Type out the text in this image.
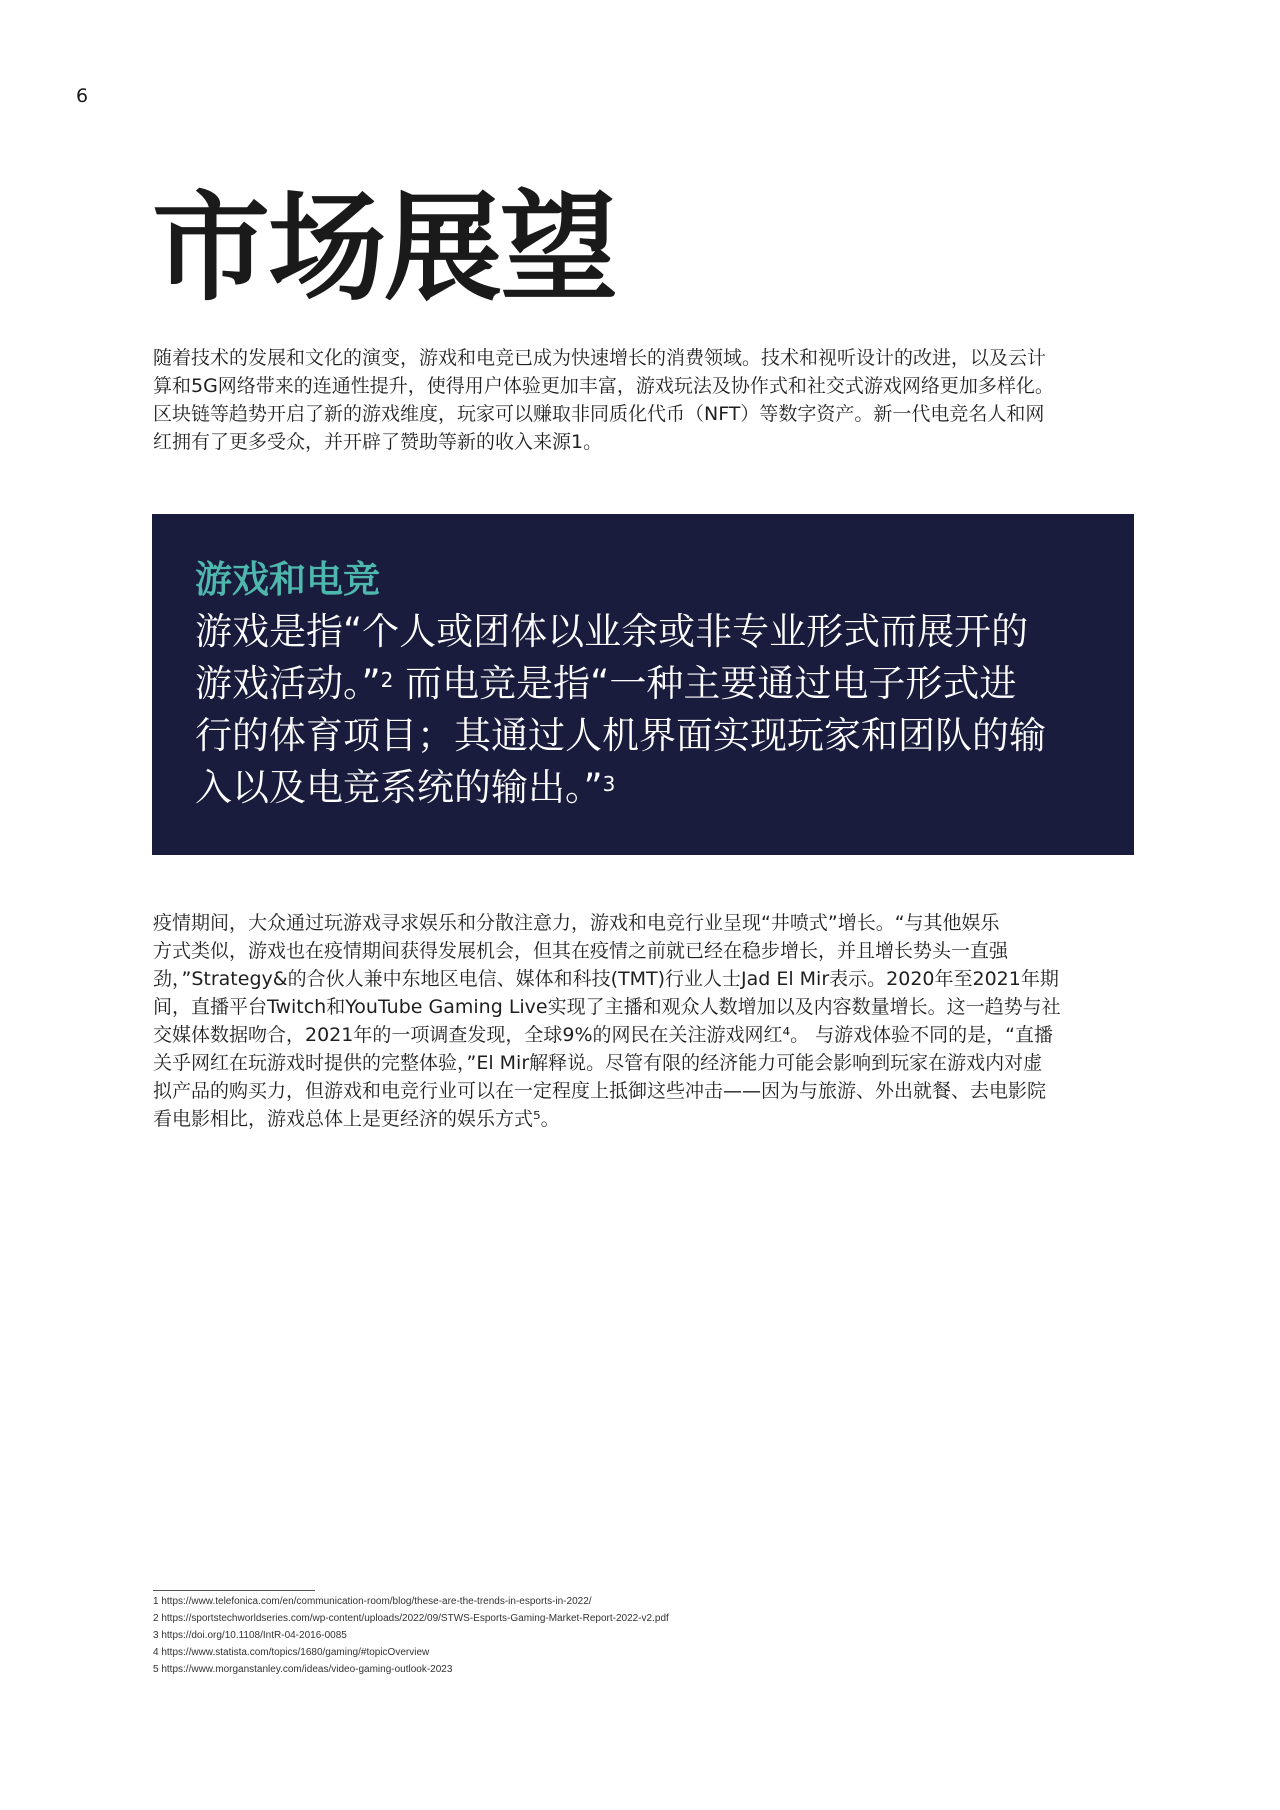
6
市场展望

随着技术的发展和文化的演变，游戏和电竞已成为快速增长的消费领域。技术和视听设计的改进，以及云计
算和5G网络带来的连通性提升，使得用户体验更加丰富，游戏玩法及协作式和社交式游戏网络更加多样化。
区块链等趋势开启了新的游戏维度，玩家可以赚取非同质化代币（NFT）等数字资产。新一代电竞名人和网
红拥有了更多受众，并开辟了赞助等新的收入来源1。

游戏和电竞
游戏是指“个人或团体以业余或非专业形式而展开的
游戏活动。”$^2$ 而电竞是指“一种主要通过电子形式进
行的体育项目；其通过人机界面实现玩家和团队的输
入以及电竞系统的输出。”$^3$

疫情期间，大众通过玩游戏寻求娱乐和分散注意力，游戏和电竞行业呈现“井喷式”增长。“与其他娱乐
方式类似，游戏也在疫情期间获得发展机会，但其在疫情之前就已经在稳步增长，并且增长势头一直强
劲，”Strategy&的合伙人兼中东地区电信、媒体和科技(TMT)行业人士Jad El Mir表示。2020年至2021年期
间，直播平台Twitch和YouTube Gaming Live实现了主播和观众人数增加以及内容数量增长。这一趋势与社
交媒体数据吻合，2021年的一项调查发现，全球9%的网民在关注游戏网红⁴。 与游戏体验不同的是，“直播
关乎网红在玩游戏时提供的完整体验，”El Mir解释说。尽管有限的经济能力可能会影响到玩家在游戏内对虚
拟产品的购买力，但游戏和电竞行业可以在一定程度上抵御这些冲击——因为与旅游、外出就餐、去电影院
看电影相比，游戏总体上是更经济的娱乐方式⁵。

1 https://www.telefonica.com/en/communication-room/blog/these-are-the-trends-in-esports-in-2022/
2 https://sportstechworldseries.com/wp-content/uploads/2022/09/STWS-Esports-Gaming-Market-Report-2022-v2.pdf
3 https://doi.org/10.1108/IntR-04-2016-0085
4 https://www.statista.com/topics/1680/gaming/#topicOverview
5 https://www.morganstanley.com/ideas/video-gaming-outlook-2023
